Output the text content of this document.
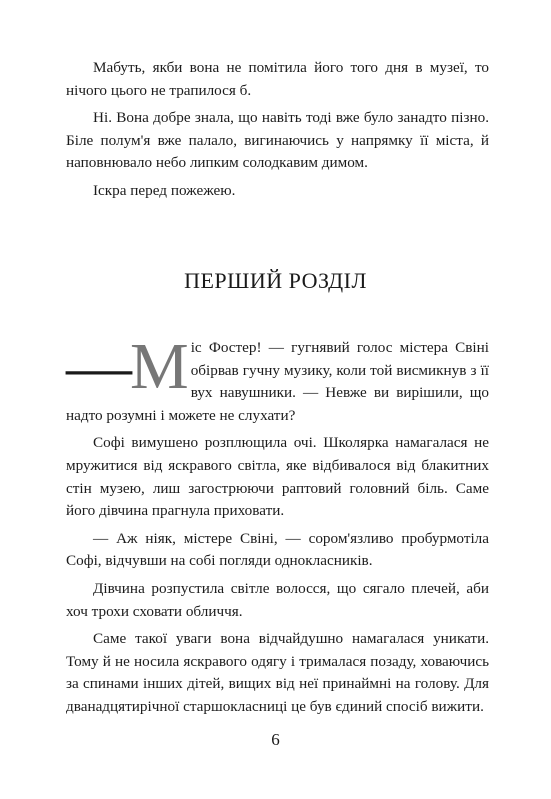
Мабуть, якби вона не помітила його того дня в музеї, то нічого цього не трапилося б.

Ні. Вона добре знала, що навіть тоді вже було занадто пізно. Біле полум'я вже палало, вигинаючись у напрямку її міста, й наповнювало небо липким солодкавим димом.

Іскра перед пожежею.

ПЕРШИЙ РОЗДІЛ

—М іс Фостер! — гугнявий голос містера Свіні обірвав гучну музику, коли той висмикнув з її вух навушники. — Невже ви вирішили, що надто розумні і можете не слухати?

Софі вимушено розплющила очі. Школярка намагалася не мружитися від яскравого світла, яке відбивалося від блакитних стін музею, лиш загострюючи раптовий головний біль. Саме його дівчина прагнула приховати.

— Аж ніяк, містере Свіні, — сором'язливо пробурмотіла Софі, відчувши на собі погляди однокласників.

Дівчина розпустила світле волосся, що сягало плечей, аби хоч трохи сховати обличчя.

Саме такої уваги вона відчайдушно намагалася уникати. Тому й не носила яскравого одягу і трималася позаду, ховаючись за спинами інших дітей, вищих від неї принаймні на голову. Для дванадцятирічної старшокласниці це був єдиний спосіб вижити.

6
